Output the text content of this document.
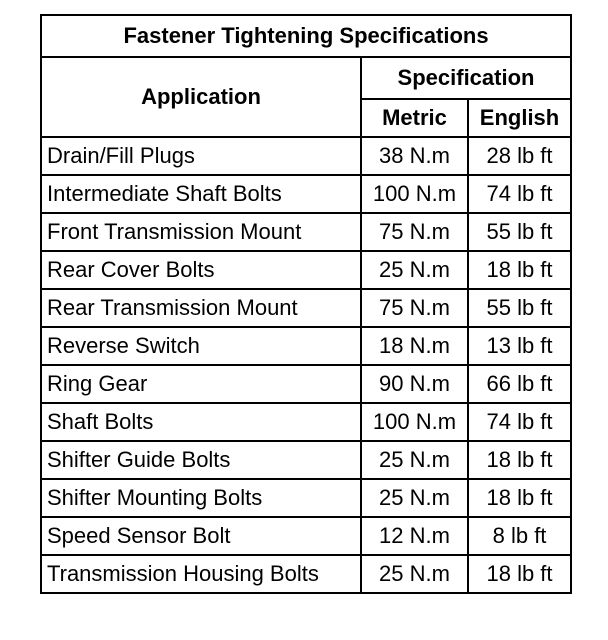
Fastener Tightening Specifications		
Application	Specification	
	Metric	English
Drain/Fill Plugs	38 N.m	28 lb ft
Intermediate Shaft Bolts	100 N.m	74 lb ft
Front Transmission Mount	75 N.m	55 lb ft
Rear Cover Bolts	25 N.m	18 lb ft
Rear Transmission Mount	75 N.m	55 lb ft
Reverse Switch	18 N.m	13 lb ft
Ring Gear	90 N.m	66 lb ft
Shaft Bolts	100 N.m	74 lb ft
Shifter Guide Bolts	25 N.m	18 lb ft
Shifter Mounting Bolts	25 N.m	18 lb ft
Speed Sensor Bolt	12 N.m	8 lb ft
Transmission Housing Bolts	25 N.m	18 lb ft
